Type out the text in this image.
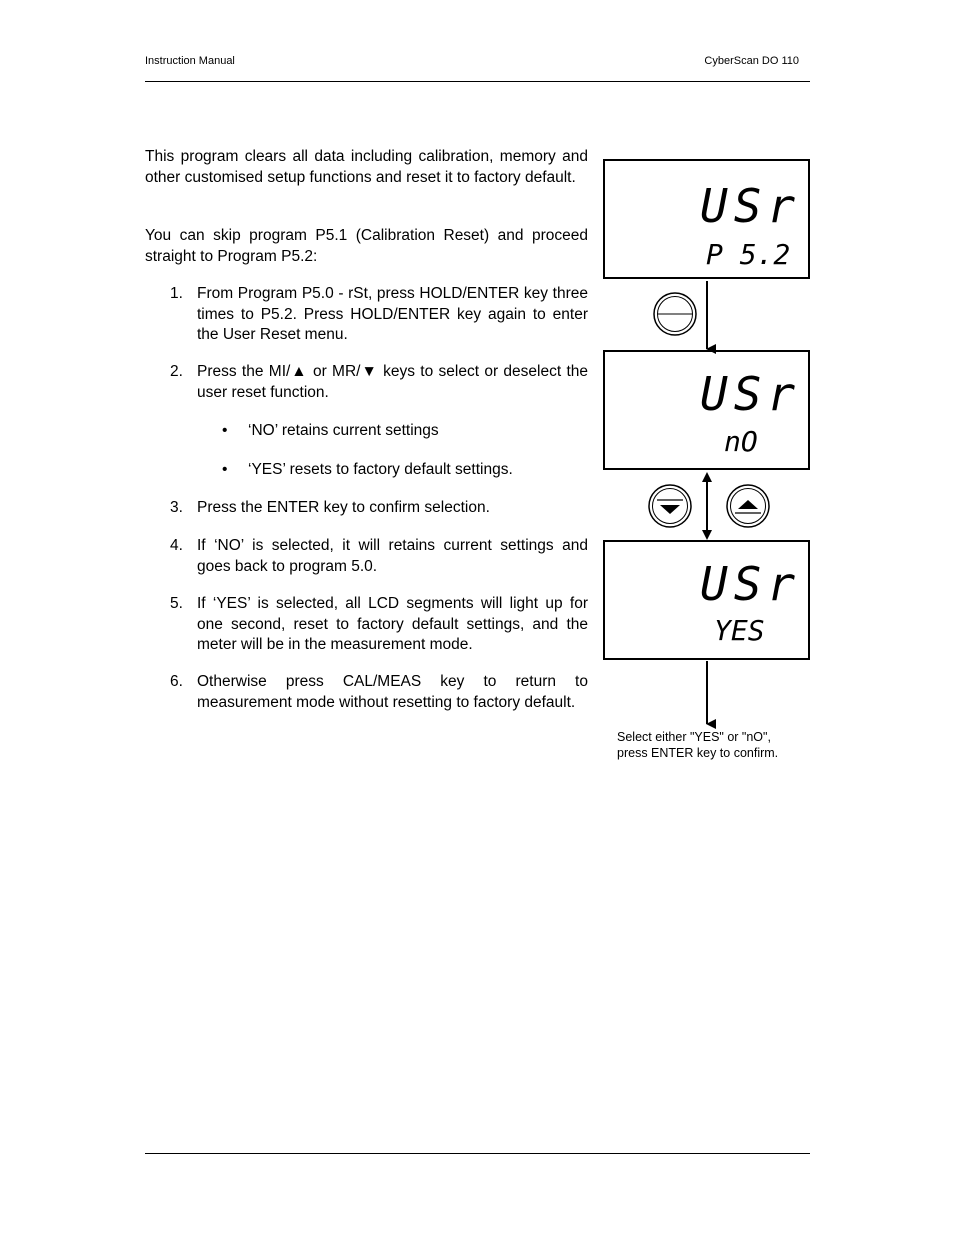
Instruction Manual	CyberScan DO 110

This program clears all data including calibration, memory and other customised setup functions and reset it to factory default.

You can skip program P5.1 (Calibration Reset) and proceed straight to Program P5.2:

1. From Program P5.0 - rSt, press HOLD/ENTER key three times to P5.2. Press HOLD/ENTER key again to enter the User Reset menu.
2. Press the MI/▲ or MR/▼ keys to select or deselect the user reset function.
3. Press the ENTER key to confirm selection.
4. If ‘NO’ is selected, it will retains current settings and goes back to program 5.0.
5. If ‘YES’ is selected, all LCD segments will light up for one second, reset to factory default settings, and the meter will be in the measurement mode.
6. Otherwise press CAL/MEAS key to return to measurement mode without resetting to factory default.
• ‘NO’ retains current settings
• ‘YES’ resets to factory default settings.
USr
P 5.2
USr
nO
USr
YES
Select either "YES" or "nO",
press ENTER key to confirm.
